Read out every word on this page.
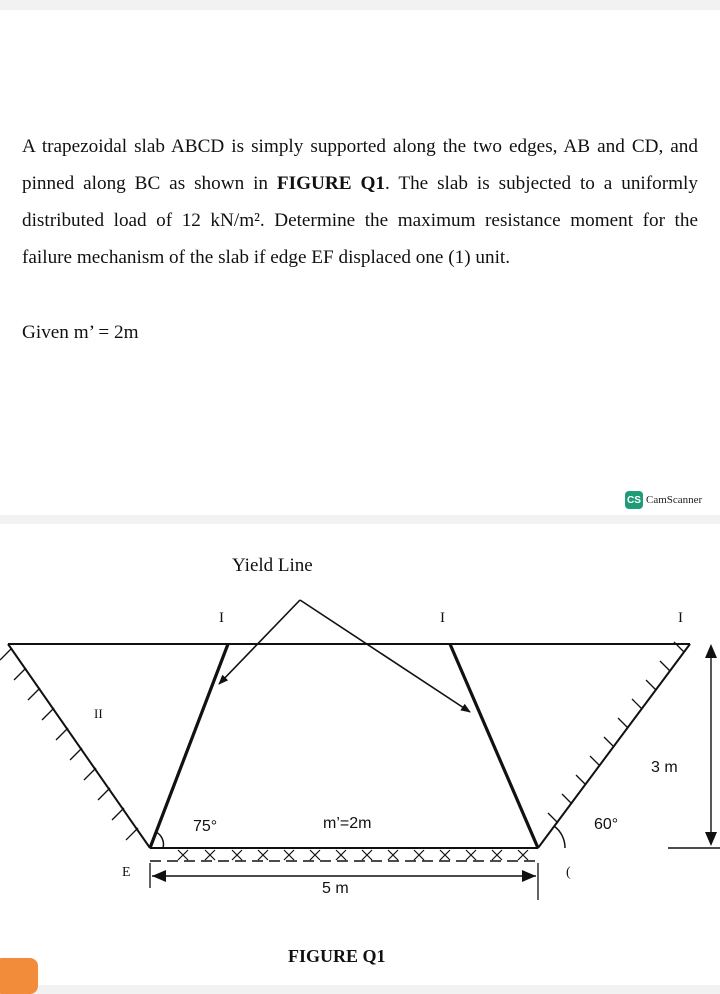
A trapezoidal slab ABCD is simply supported along the two edges, AB and CD, and pinned along BC as shown in FIGURE Q1. The slab is subjected to a uniformly distributed load of 12 kN/m². Determine the maximum resistance moment for the failure mechanism of the slab if edge EF displaced one (1) unit.

Given m’ = 2m
CS CamScanner
Yield Line
I	I	I
II
E	(
75°	60°
m’=2m
5 m
3 m
FIGURE Q1
